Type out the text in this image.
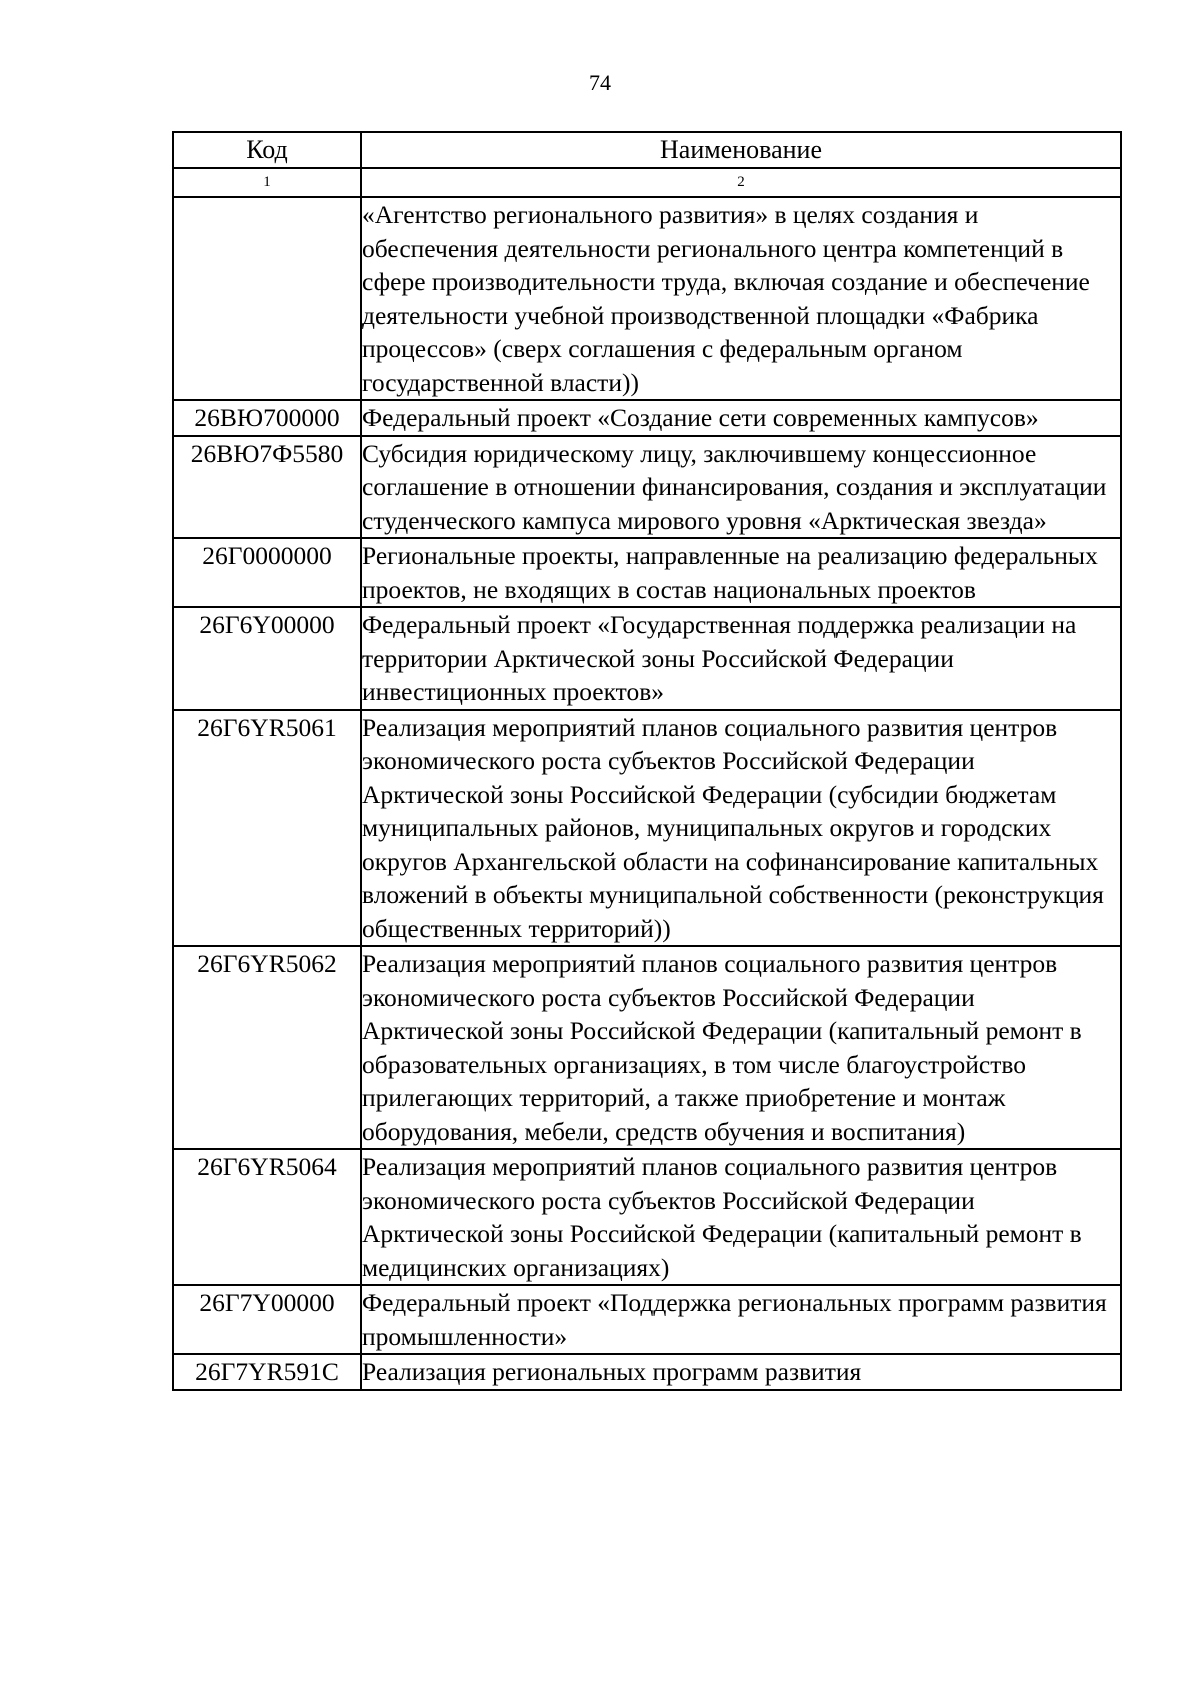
74
Код	Наименование
1	2
	«Агентство регионального развития» в целях создания и обеспечения деятельности регионального центра компетенций в сфере производительности труда, включая создание и обеспечение деятельности учебной производственной площадки «Фабрика процессов» (сверх соглашения с федеральным органом государственной власти))
26ВЮ700000	Федеральный проект «Создание сети современных кампусов»
26ВЮ7Ф5580	Субсидия юридическому лицу, заключившему концессионное соглашение в отношении финансирования, создания и эксплуатации студенческого кампуса мирового уровня «Арктическая звезда»
26Г0000000	Региональные проекты, направленные на реализацию федеральных проектов, не входящих в состав национальных проектов
26Г6Y00000	Федеральный проект «Государственная поддержка реализации на территории Арктической зоны Российской Федерации инвестиционных проектов»
26Г6YR5061	Реализация мероприятий планов социального развития центров экономического роста субъектов Российской Федерации Арктической зоны Российской Федерации (субсидии бюджетам муниципальных районов, муниципальных округов и городских округов Архангельской области на софинансирование капитальных вложений в объекты муниципальной собственности (реконструкция общественных территорий))
26Г6YR5062	Реализация мероприятий планов социального развития центров экономического роста субъектов Российской Федерации Арктической зоны Российской Федерации (капитальный ремонт в образовательных организациях, в том числе благоустройство прилегающих территорий, а также приобретение и монтаж оборудования, мебели, средств обучения и воспитания)
26Г6YR5064	Реализация мероприятий планов социального развития центров экономического роста субъектов Российской Федерации Арктической зоны Российской Федерации (капитальный ремонт в медицинских организациях)
26Г7Y00000	Федеральный проект «Поддержка региональных программ развития промышленности»
26Г7YR591С	Реализация региональных программ развития
